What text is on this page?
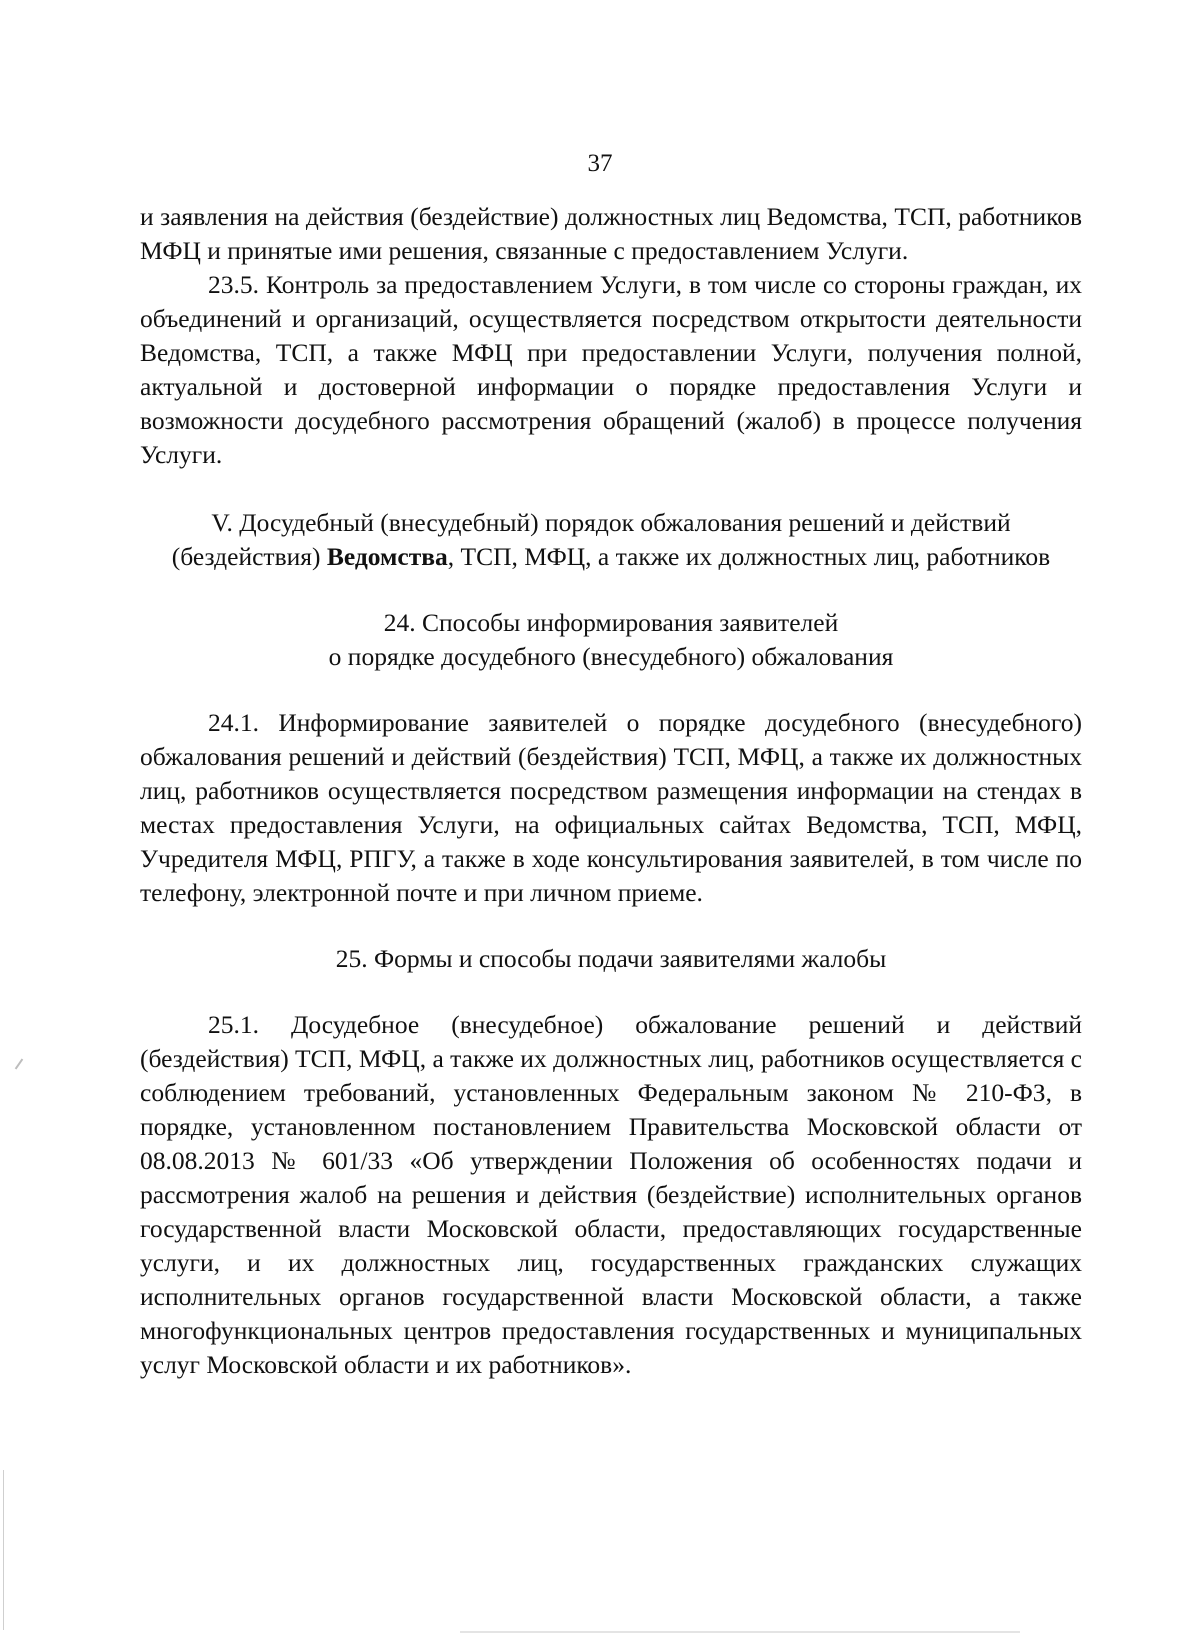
37

и заявления на действия (бездействие) должностных лиц Ведомства, ТСП, работников МФЦ и принятые ими решения, связанные с предоставлением Услуги.

23.5. Контроль за предоставлением Услуги, в том числе со стороны граждан, их объединений и организаций, осуществляется посредством открытости деятельности Ведомства, ТСП, а также МФЦ при предоставлении Услуги, получения полной, актуальной и достоверной информации о порядке предоставления Услуги и возможности досудебного рассмотрения обращений (жалоб) в процессе получения Услуги.

V. Досудебный (внесудебный) порядок обжалования решений и действий
(бездействия) Ведомства, ТСП, МФЦ, а также их должностных лиц, работников
24. Способы информирования заявителей
о порядке досудебного (внесудебного) обжалования

24.1. Информирование заявителей о порядке досудебного (внесудебного) обжалования решений и действий (бездействия) ТСП, МФЦ, а также их должностных лиц, работников осуществляется посредством размещения информации на стендах в местах предоставления Услуги, на официальных сайтах Ведомства, ТСП, МФЦ, Учредителя МФЦ, РПГУ, а также в ходе консультирования заявителей, в том числе по телефону, электронной почте и при личном приеме.

25. Формы и способы подачи заявителями жалобы

25.1. Досудебное (внесудебное) обжалование решений и действий (бездействия) ТСП, МФЦ, а также их должностных лиц, работников осуществляется с соблюдением требований, установленных Федеральным законом № 210-ФЗ, в порядке, установленном постановлением Правительства Московской области от 08.08.2013 № 601/33 «Об утверждении Положения об особенностях подачи и рассмотрения жалоб на решения и действия (бездействие) исполнительных органов государственной власти Московской области, предоставляющих государственные услуги, и их должностных лиц, государственных гражданских служащих исполнительных органов государственной власти Московской области, а также многофункциональных центров предоставления государственных и муниципальных услуг Московской области и их работников».
